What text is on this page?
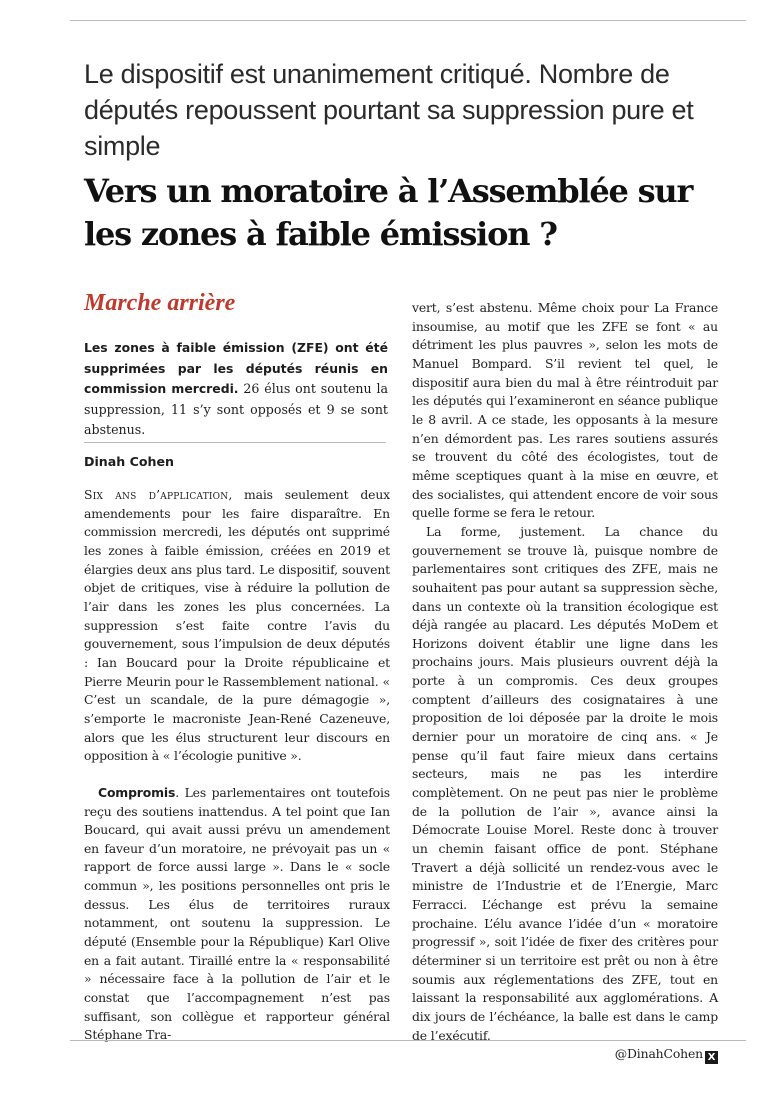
Le dispositif est unanimement critiqué. Nombre de députés repoussent pourtant sa suppression pure et simple
Vers un moratoire à l’Assemblée sur les zones à faible émission ?
Marche arrière
Les zones à faible émission (ZFE) ont été supprimées par les députés réunis en commission mercredi. 26 élus ont soutenu la suppression, 11 s’y sont opposés et 9 se sont abstenus.
Dinah Cohen

Six ans d’application, mais seulement deux amendements pour les faire disparaître. En commission mercredi, les députés ont supprimé les zones à faible émission, créées en 2019 et élargies deux ans plus tard. Le dispositif, souvent objet de critiques, vise à réduire la pollution de l’air dans les zones les plus concernées. La suppression s’est faite contre l’avis du gouvernement, sous l’impulsion de deux députés : Ian Boucard pour la Droite républicaine et Pierre Meurin pour le Rassemblement national. « C’est un scandale, de la pure démagogie », s’emporte le macroniste Jean-René Cazeneuve, alors que les élus structurent leur discours en opposition à « l’écologie punitive ».

Compromis. Les parlementaires ont toutefois reçu des soutiens inattendus. A tel point que Ian Boucard, qui avait aussi prévu un amendement en faveur d’un moratoire, ne prévoyait pas un « rapport de force aussi large ». Dans le « socle commun », les positions personnelles ont pris le dessus. Les élus de territoires ruraux notamment, ont soutenu la suppression. Le député (Ensemble pour la République) Karl Olive en a fait autant. Tiraillé entre la « responsabilité » nécessaire face à la pollution de l’air et le constat que l’accompagnement n’est pas suffisant, son collègue et rapporteur général Stéphane Tra-

vert, s’est abstenu. Même choix pour La France insoumise, au motif que les ZFE se font « au détriment les plus pauvres », selon les mots de Manuel Bompard. S’il revient tel quel, le dispositif aura bien du mal à être réintroduit par les députés qui l’examineront en séance publique le 8 avril. A ce stade, les opposants à la mesure n’en démordent pas. Les rares soutiens assurés se trouvent du côté des écologistes, tout de même sceptiques quant à la mise en œuvre, et des socialistes, qui attendent encore de voir sous quelle forme se fera le retour.

La forme, justement. La chance du gouvernement se trouve là, puisque nombre de parlementaires sont critiques des ZFE, mais ne souhaitent pas pour autant sa suppression sèche, dans un contexte où la transition écologique est déjà rangée au placard. Les députés MoDem et Horizons doivent établir une ligne dans les prochains jours. Mais plusieurs ouvrent déjà la porte à un compromis. Ces deux groupes comptent d’ailleurs des cosignataires à une proposition de loi déposée par la droite le mois dernier pour un moratoire de cinq ans. « Je pense qu’il faut faire mieux dans certains secteurs, mais ne pas les interdire complètement. On ne peut pas nier le problème de la pollution de l’air », avance ainsi la Démocrate Louise Morel. Reste donc à trouver un chemin faisant office de pont. Stéphane Travert a déjà sollicité un rendez-vous avec le ministre de l’Industrie et de l’Energie, Marc Ferracci. L’échange est prévu la semaine prochaine. L’élu avance l’idée d’un « moratoire progressif », soit l’idée de fixer des critères pour déterminer si un territoire est prêt ou non à être soumis aux réglementations des ZFE, tout en laissant la responsabilité aux agglomérations. A dix jours de l’échéance, la balle est dans le camp de l’exécutif.

@DinahCohen X
